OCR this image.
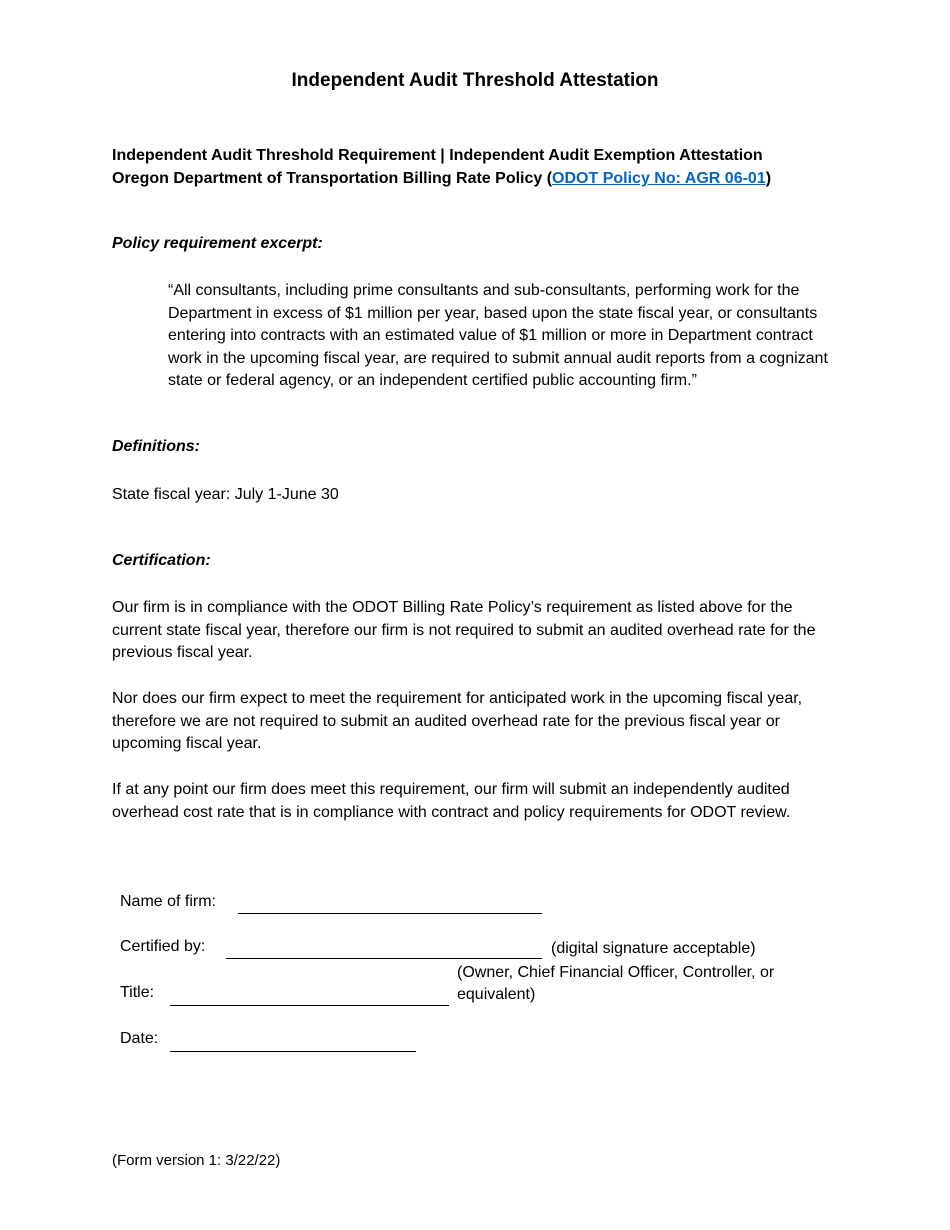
Independent Audit Threshold Attestation
Independent Audit Threshold Requirement | Independent Audit Exemption Attestation
Oregon Department of Transportation Billing Rate Policy (ODOT Policy No: AGR 06-01)
Policy requirement excerpt:
“All consultants, including prime consultants and sub-consultants, performing work for the Department in excess of $1 million per year, based upon the state fiscal year, or consultants entering into contracts with an estimated value of $1 million or more in Department contract work in the upcoming fiscal year, are required to submit annual audit reports from a cognizant state or federal agency, or an independent certified public accounting firm.”
Definitions:
State fiscal year: July 1-June 30
Certification:
Our firm is in compliance with the ODOT Billing Rate Policy’s requirement as listed above for the current state fiscal year, therefore our firm is not required to submit an audited overhead rate for the previous fiscal year.
Nor does our firm expect to meet the requirement for anticipated work in the upcoming fiscal year, therefore we are not required to submit an audited overhead rate for the previous fiscal year or upcoming fiscal year.
If at any point our firm does meet this requirement, our firm will submit an independently audited overhead cost rate that is in compliance with contract and policy requirements for ODOT review.
Name of firm:
Certified by:	(digital signature acceptable)
(Owner, Chief Financial Officer, Controller, or equivalent)
Title:
Date:
(Form version 1: 3/22/22)
